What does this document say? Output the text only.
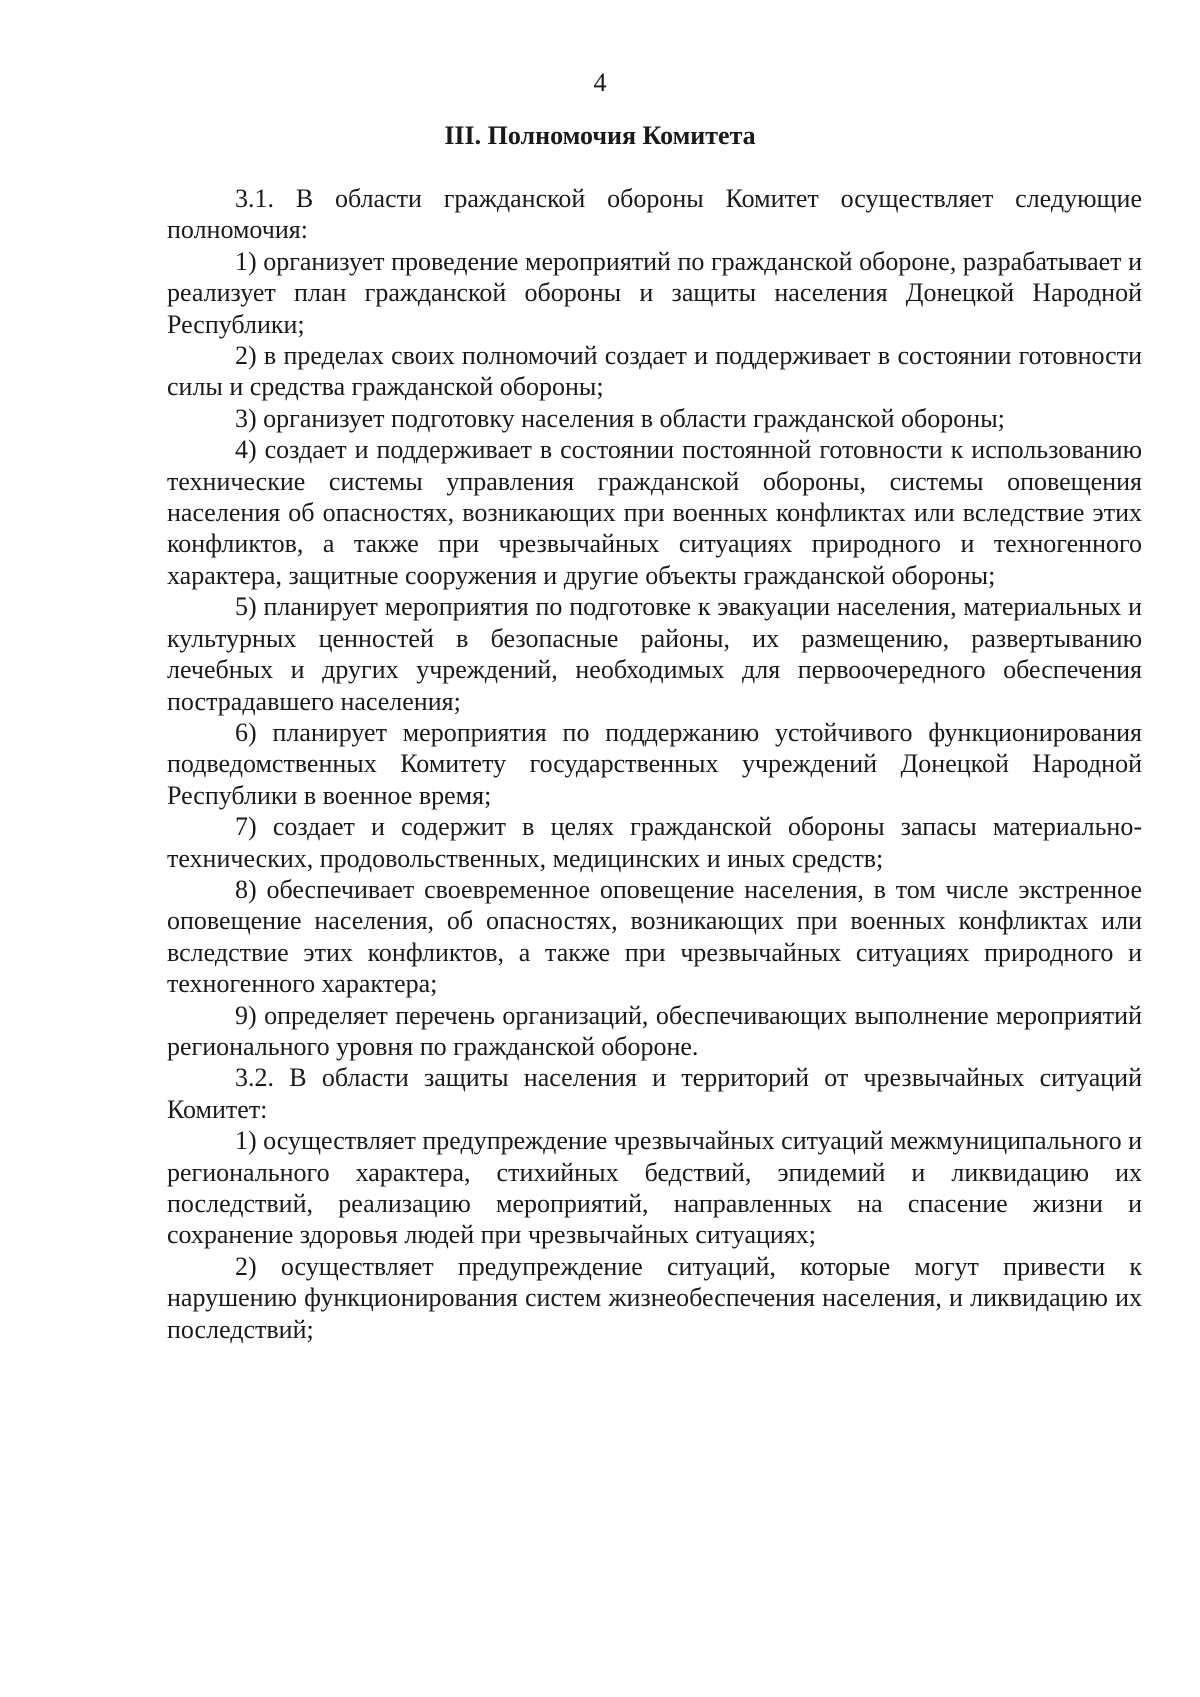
4
III. Полномочия Комитета

3.1. В области гражданской обороны Комитет осуществляет следующие полномочия:

1) организует проведение мероприятий по гражданской обороне, разрабатывает и реализует план гражданской обороны и защиты населения Донецкой Народной Республики;

2) в пределах своих полномочий создает и поддерживает в состоянии готовности силы и средства гражданской обороны;

3) организует подготовку населения в области гражданской обороны;

4) создает и поддерживает в состоянии постоянной готовности к использованию технические системы управления гражданской обороны, системы оповещения населения об опасностях, возникающих при военных конфликтах или вследствие этих конфликтов, а также при чрезвычайных ситуациях природного и техногенного характера, защитные сооружения и другие объекты гражданской обороны;

5) планирует мероприятия по подготовке к эвакуации населения, материальных и культурных ценностей в безопасные районы, их размещению, развертыванию лечебных и других учреждений, необходимых для первоочередного обеспечения пострадавшего населения;

6) планирует мероприятия по поддержанию устойчивого функционирования подведомственных Комитету государственных учреждений Донецкой Народной Республики в военное время;

7) создает и содержит в целях гражданской обороны запасы материально-технических, продовольственных, медицинских и иных средств;

8) обеспечивает своевременное оповещение населения, в том числе экстренное оповещение населения, об опасностях, возникающих при военных конфликтах или вследствие этих конфликтов, а также при чрезвычайных ситуациях природного и техногенного характера;

9) определяет перечень организаций, обеспечивающих выполнение мероприятий регионального уровня по гражданской обороне.

3.2. В области защиты населения и территорий от чрезвычайных ситуаций Комитет:

1) осуществляет предупреждение чрезвычайных ситуаций межмуниципального и регионального характера, стихийных бедствий, эпидемий и ликвидацию их последствий, реализацию мероприятий, направленных на спасение жизни и сохранение здоровья людей при чрезвычайных ситуациях;

2) осуществляет предупреждение ситуаций, которые могут привести к нарушению функционирования систем жизнеобеспечения населения, и ликвидацию их последствий;
